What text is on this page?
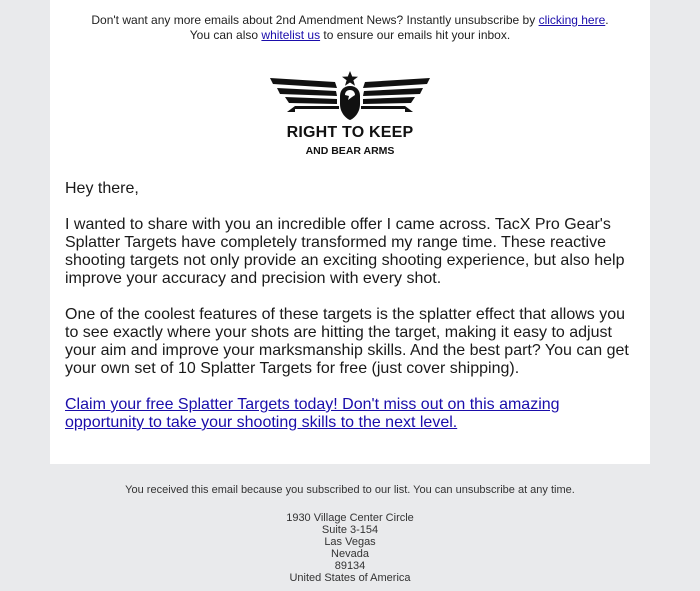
Don't want any more emails about 2nd Amendment News? Instantly unsubscribe by clicking here.
You can also whitelist us to ensure our emails hit your inbox.
RIGHT TO KEEP
AND BEAR ARMS

Hey there,

I wanted to share with you an incredible offer I came across. TacX Pro Gear's Splatter Targets have completely transformed my range time. These reactive shooting targets not only provide an exciting shooting experience, but also help improve your accuracy and precision with every shot.

One of the coolest features of these targets is the splatter effect that allows you to see exactly where your shots are hitting the target, making it easy to adjust your aim and improve your marksmanship skills. And the best part? You can get your own set of 10 Splatter Targets for free (just cover shipping).

Claim your free Splatter Targets today! Don't miss out on this amazing opportunity to take your shooting skills to the next level.

You received this email because you subscribed to our list. You can unsubscribe at any time.
1930 Village Center Circle
Suite 3-154
Las Vegas
Nevada
89134
United States of America
